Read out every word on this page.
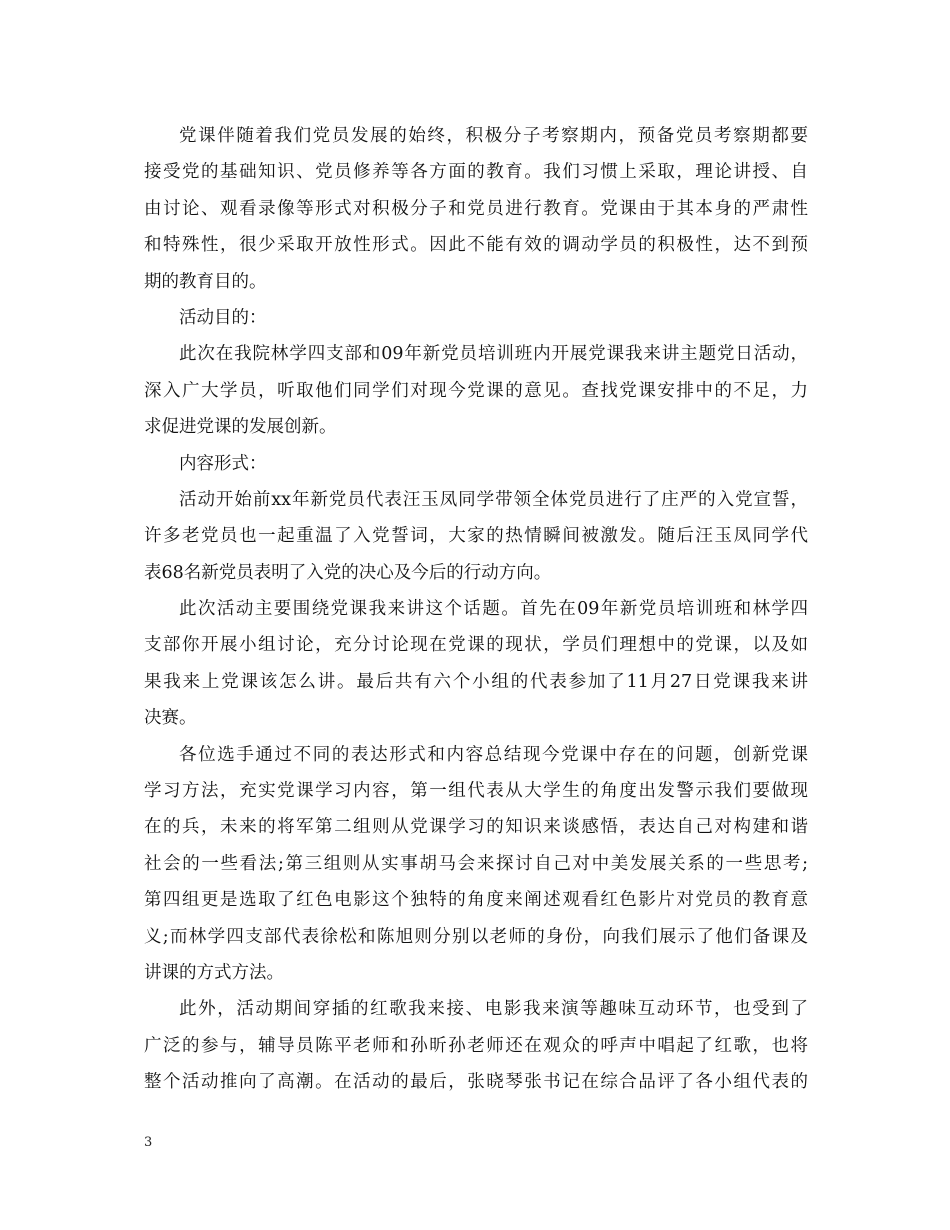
党课伴随着我们党员发展的始终，积极分子考察期内，预备党员考察期都要
接受党的基础知识、党员修养等各方面的教育。我们习惯上采取，理论讲授、自
由讨论、观看录像等形式对积极分子和党员进行教育。党课由于其本身的严肃性
和特殊性，很少采取开放性形式。因此不能有效的调动学员的积极性，达不到预
期的教育目的。
活动目的：
此次在我院林学四支部和09年新党员培训班内开展党课我来讲主题党日活动，
深入广大学员，听取他们同学们对现今党课的意见。查找党课安排中的不足，力
求促进党课的发展创新。
内容形式：
活动开始前xx年新党员代表汪玉凤同学带领全体党员进行了庄严的入党宣誓，
许多老党员也一起重温了入党誓词，大家的热情瞬间被激发。随后汪玉凤同学代
表68名新党员表明了入党的决心及今后的行动方向。
此次活动主要围绕党课我来讲这个话题。首先在09年新党员培训班和林学四
支部你开展小组讨论，充分讨论现在党课的现状，学员们理想中的党课，以及如
果我来上党课该怎么讲。最后共有六个小组的代表参加了11月27日党课我来讲
决赛。
各位选手通过不同的表达形式和内容总结现今党课中存在的问题，创新党课
学习方法，充实党课学习内容，第一组代表从大学生的角度出发警示我们要做现
在的兵，未来的将军第二组则从党课学习的知识来谈感悟，表达自己对构建和谐
社会的一些看法;第三组则从实事胡马会来探讨自己对中美发展关系的一些思考;
第四组更是选取了红色电影这个独特的角度来阐述观看红色影片对党员的教育意
义;而林学四支部代表徐松和陈旭则分别以老师的身份，向我们展示了他们备课及
讲课的方式方法。
此外，活动期间穿插的红歌我来接、电影我来演等趣味互动环节，也受到了
广泛的参与，辅导员陈平老师和孙昕孙老师还在观众的呼声中唱起了红歌，也将
整个活动推向了高潮。在活动的最后，张晓琴张书记在综合品评了各小组代表的
3
